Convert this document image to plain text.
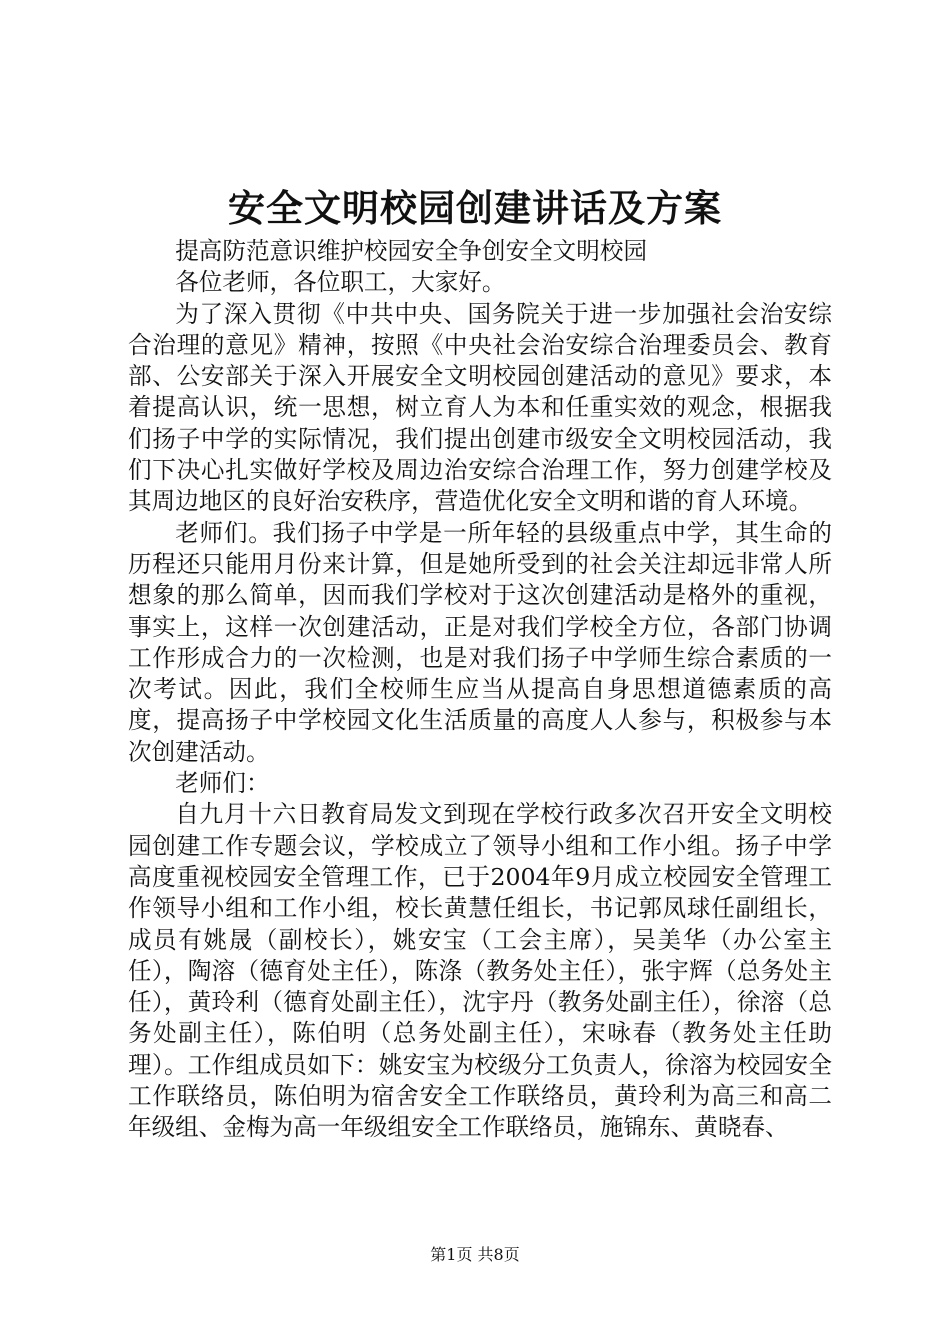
安全文明校园创建讲话及方案

提高防范意识维护校园安全争创安全文明校园

各位老师，各位职工，大家好。

为了深入贯彻《中共中央、国务院关于进一步加强社会治安综合治理的意见》精神，按照《中央社会治安综合治理委员会、教育部、公安部关于深入开展安全文明校园创建活动的意见》要求，本着提高认识，统一思想，树立育人为本和任重实效的观念，根据我们扬子中学的实际情况，我们提出创建市级安全文明校园活动，我们下决心扎实做好学校及周边治安综合治理工作，努力创建学校及其周边地区的良好治安秩序，营造优化安全文明和谐的育人环境。

老师们。我们扬子中学是一所年轻的县级重点中学，其生命的历程还只能用月份来计算，但是她所受到的社会关注却远非常人所想象的那么简单，因而我们学校对于这次创建活动是格外的重视，事实上，这样一次创建活动，正是对我们学校全方位，各部门协调工作形成合力的一次检测，也是对我们扬子中学师生综合素质的一次考试。因此，我们全校师生应当从提高自身思想道德素质的高度，提高扬子中学校园文化生活质量的高度人人参与，积极参与本次创建活动。

老师们：

自九月十六日教育局发文到现在学校行政多次召开安全文明校园创建工作专题会议，学校成立了领导小组和工作小组。扬子中学高度重视校园安全管理工作，已于2004年9月成立校园安全管理工作领导小组和工作小组，校长黄慧任组长，书记郭凤球任副组长，成员有姚晟（副校长），姚安宝（工会主席），吴美华（办公室主任），陶溶（德育处主任），陈涤（教务处主任），张宇辉（总务处主任），黄玲利（德育处副主任），沈宇丹（教务处副主任），徐溶（总务处副主任），陈伯明（总务处副主任），宋咏春（教务处主任助理）。工作组成员如下：姚安宝为校级分工负责人，徐溶为校园安全工作联络员，陈伯明为宿舍安全工作联络员，黄玲利为高三和高二年级组、金梅为高一年级组安全工作联络员，施锦东、黄晓春、

第1页 共8页
